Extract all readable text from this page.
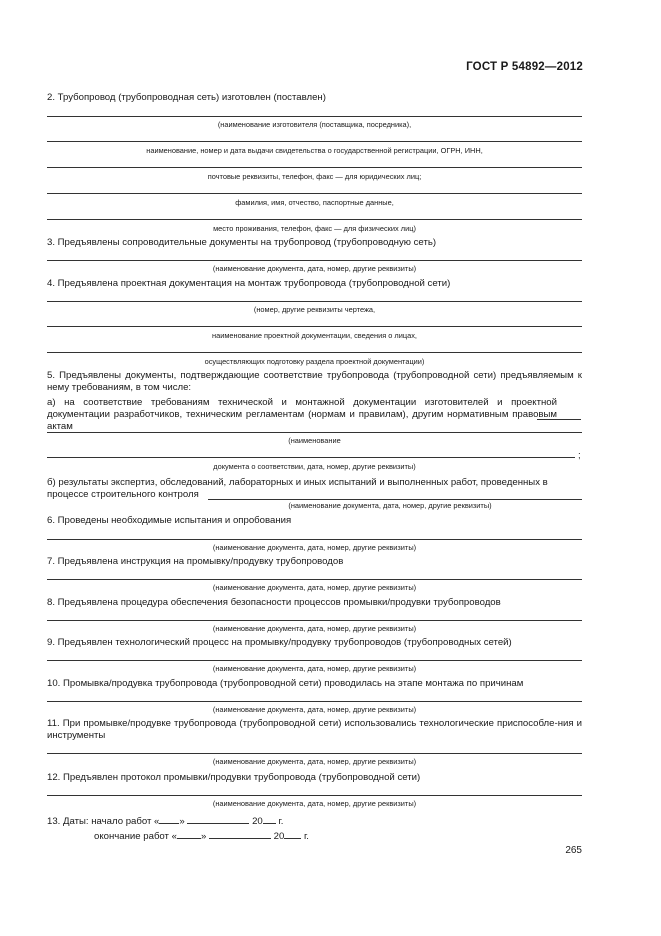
ГОСТ Р 54892—2012
2. Трубопровод (трубопроводная сеть) изготовлен (поставлен)
(наименование изготовителя (поставщика, посредника),
наименование, номер и дата выдачи свидетельства о государственной регистрации, ОГРН, ИНН,
почтовые реквизиты, телефон, факс — для юридических лиц;
фамилия, имя, отчество, паспортные данные,
место проживания, телефон, факс — для физических лиц)
3. Предъявлены сопроводительные документы на трубопровод (трубопроводную сеть)
(наименование документа, дата, номер, другие реквизиты)
4. Предъявлена проектная документация на монтаж трубопровода (трубопроводной сети)
(номер, другие реквизиты чертежа,
наименование проектной документации, сведения о лицах,
осуществляющих подготовку раздела проектной документации)
5. Предъявлены документы, подтверждающие соответствие трубопровода (трубопроводной сети) предъявляемым к нему требованиям, в том числе:
а) на соответствие требованиям технической и монтажной документации изготовителей и проектной документации разработчиков, техническим регламентам (нормам и правилам), другим нормативным правовым актам
(наименование
;
документа о соответствии, дата, номер, другие реквизиты)
б) результаты экспертиз, обследований, лабораторных и иных испытаний и выполненных работ, проведенных в
процессе строительного контроля
(наименование документа, дата, номер, другие реквизиты)
6. Проведены необходимые испытания и опробования
(наименование документа, дата, номер, другие реквизиты)
7. Предъявлена инструкция на промывку/продувку трубопроводов
(наименование документа, дата, номер, другие реквизиты)
8. Предъявлена процедура обеспечения безопасности процессов промывки/продувки трубопроводов
(наименование документа, дата, номер, другие реквизиты)
9. Предъявлен технологический процесс на промывку/продувку трубопроводов (трубопроводных сетей)
(наименование документа, дата, номер, другие реквизиты)
10. Промывка/продувка трубопровода (трубопроводной сети) проводилась на этапе монтажа по причинам
(наименование документа, дата, номер, другие реквизиты)
11. При промывке/продувке трубопровода (трубопроводной сети) использовались технологические приспособле-ния и инструменты
(наименование документа, дата, номер, другие реквизиты)
12. Предъявлен протокол промывки/продувки трубопровода (трубопроводной сети)
(наименование документа, дата, номер, другие реквизиты)
13. Даты: начало работ « »	20 г.
окончание работ «	»	20 г.
265
